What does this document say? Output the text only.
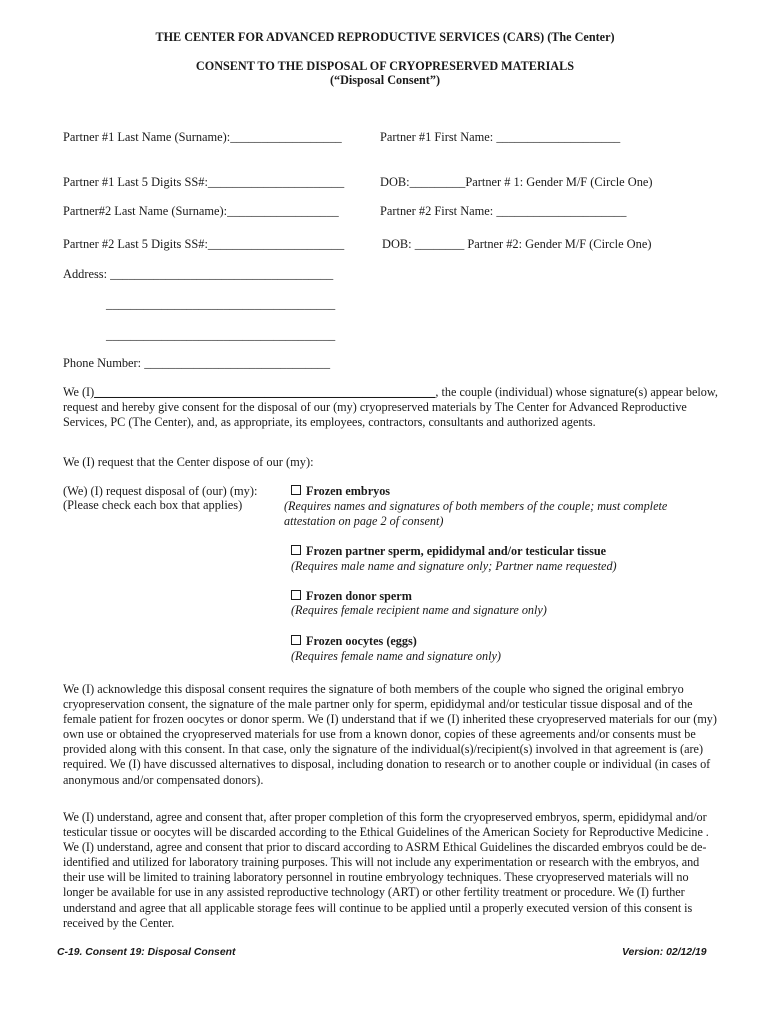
THE CENTER FOR ADVANCED REPRODUCTIVE SERVICES (CARS) (The Center)
CONSENT TO THE DISPOSAL OF CRYOPRESERVED MATERIALS
(“Disposal Consent”)
Partner #1 Last Name (Surname):__________________	Partner #1 First Name: ____________________
Partner #1 Last 5 Digits SS#:______________________	DOB:_________Partner # 1: Gender M/F (Circle One)
Partner#2 Last Name (Surname):__________________	Partner #2 First Name: _____________________
Partner #2 Last 5 Digits SS#:______________________	DOB: ________ Partner #2: Gender M/F (Circle One)
Address: ____________________________________
_____________________________________
_____________________________________
Phone Number: ______________________________
We (I)________________________________________________________, the couple (individual) whose signature(s) appear below, request and hereby give consent for the disposal of our (my) cryopreserved materials by The Center for Advanced Reproductive Services, PC (The Center), and, as appropriate, its employees, contractors, consultants and authorized agents.
We (I) request that the Center dispose of our (my):
(We) (I) request disposal of (our) (my):
(Please check each box that applies)
Frozen embryos
(Requires names and signatures of both members of the couple; must complete
attestation on page 2 of consent)
Frozen partner sperm, epididymal and/or testicular tissue
(Requires male name and signature only; Partner name requested)
Frozen donor sperm
(Requires female recipient name and signature only)
Frozen oocytes (eggs)
(Requires female name and signature only)
We (I) acknowledge this disposal consent requires the signature of both members of the couple who signed the original embryo cryopreservation consent, the signature of the male partner only for sperm, epididymal and/or testicular tissue disposal and of the female patient for frozen oocytes or donor sperm. We (I) understand that if we (I) inherited these cryopreserved materials for our (my) own use or obtained the cryopreserved materials for use from a known donor, copies of these agreements and/or consents must be provided along with this consent. In that case, only the signature of the individual(s)/recipient(s) involved in that agreement is (are) required. We (I) have discussed alternatives to disposal, including donation to research or to another couple or individual (in cases of anonymous and/or compensated donors).
We (I) understand, agree and consent that, after proper completion of this form the cryopreserved embryos, sperm, epididymal and/or testicular tissue or oocytes will be discarded according to the Ethical Guidelines of the American Society for Reproductive Medicine . We (I) understand, agree and consent that prior to discard according to ASRM Ethical Guidelines the discarded embryos could be de-identified and utilized for laboratory training purposes. This will not include any experimentation or research with the embryos, and their use will be limited to training laboratory personnel in routine embryology techniques. These cryopreserved materials will no longer be available for use in any assisted reproductive technology (ART) or other fertility treatment or procedure. We (I) further understand and agree that all applicable storage fees will continue to be applied until a properly executed version of this consent is received by the Center.
C-19. Consent 19: Disposal Consent	Version: 02/12/19
